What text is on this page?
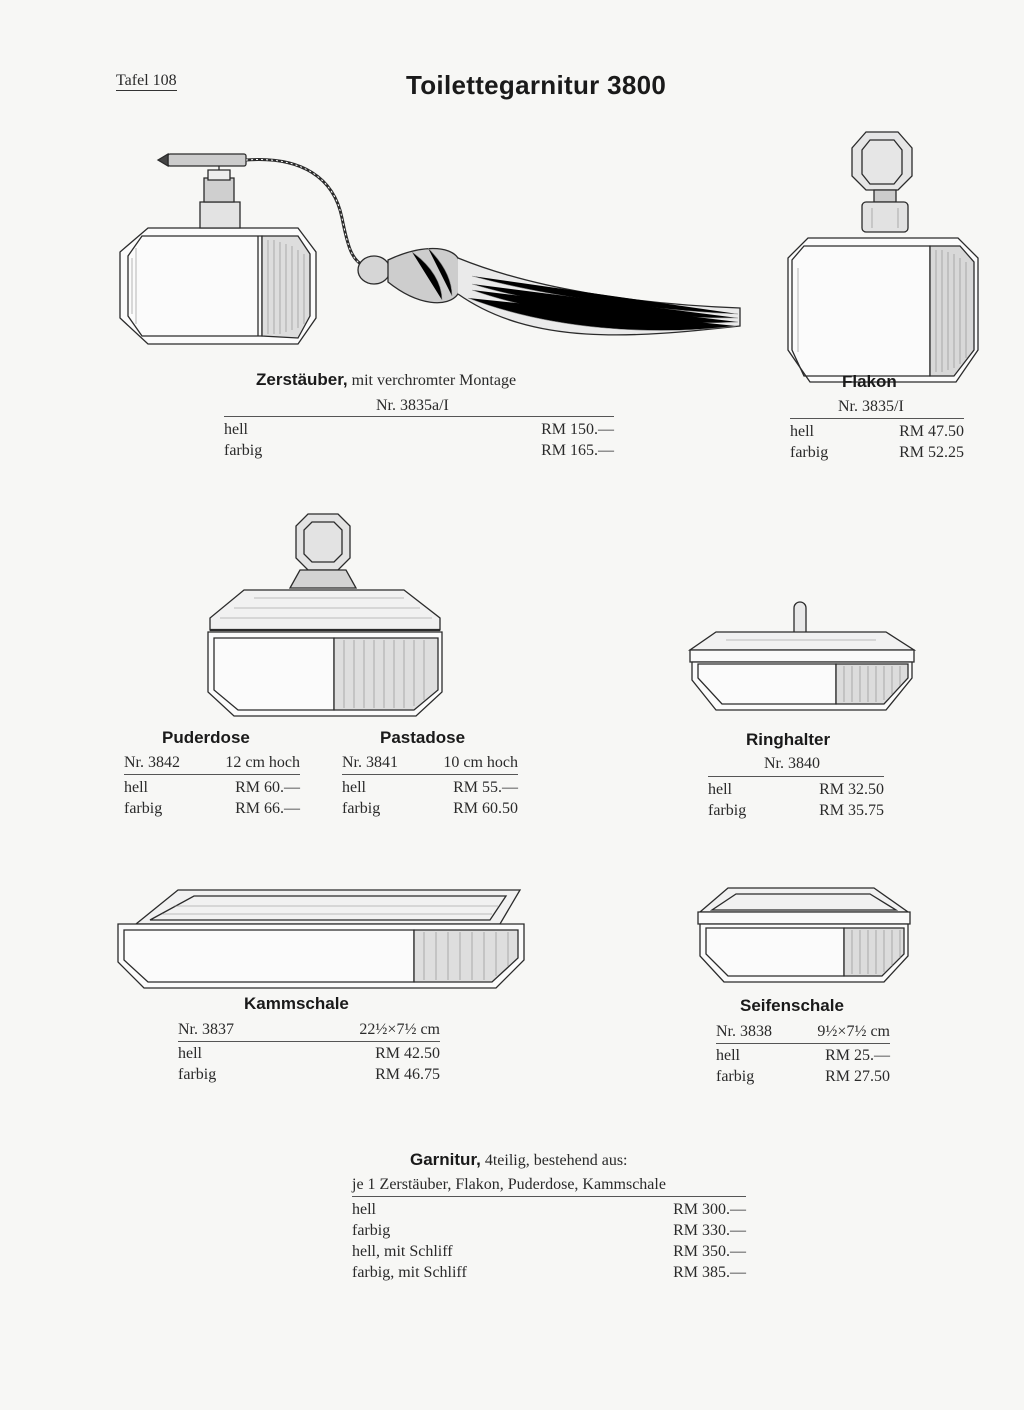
Tafel 108	Toilettegarnitur 3800
Zerstäuber, mit verchromter Montage
Nr. 3835a/I
hell	RM 150.—
farbig	RM 165.—
Flakon
Nr. 3835/I
hell	RM 47.50
farbig	RM 52.25
Puderdose
Nr. 3842	12 cm hoch
hell	RM 60.—
farbig	RM 66.—
Pastadose
Nr. 3841	10 cm hoch
hell	RM 55.—
farbig	RM 60.50
Ringhalter
Nr. 3840
hell	RM 32.50
farbig	RM 35.75
Kammschale
Nr. 3837	22½×7½ cm
hell	RM 42.50
farbig	RM 46.75
Seifenschale
Nr. 3838	9½×7½ cm
hell	RM 25.—
farbig	RM 27.50
Garnitur, 4teilig, bestehend aus:
je 1 Zerstäuber, Flakon, Puderdose, Kammschale
hell	RM 300.—
farbig	RM 330.—
hell, mit Schliff	RM 350.—
farbig, mit Schliff	RM 385.—
